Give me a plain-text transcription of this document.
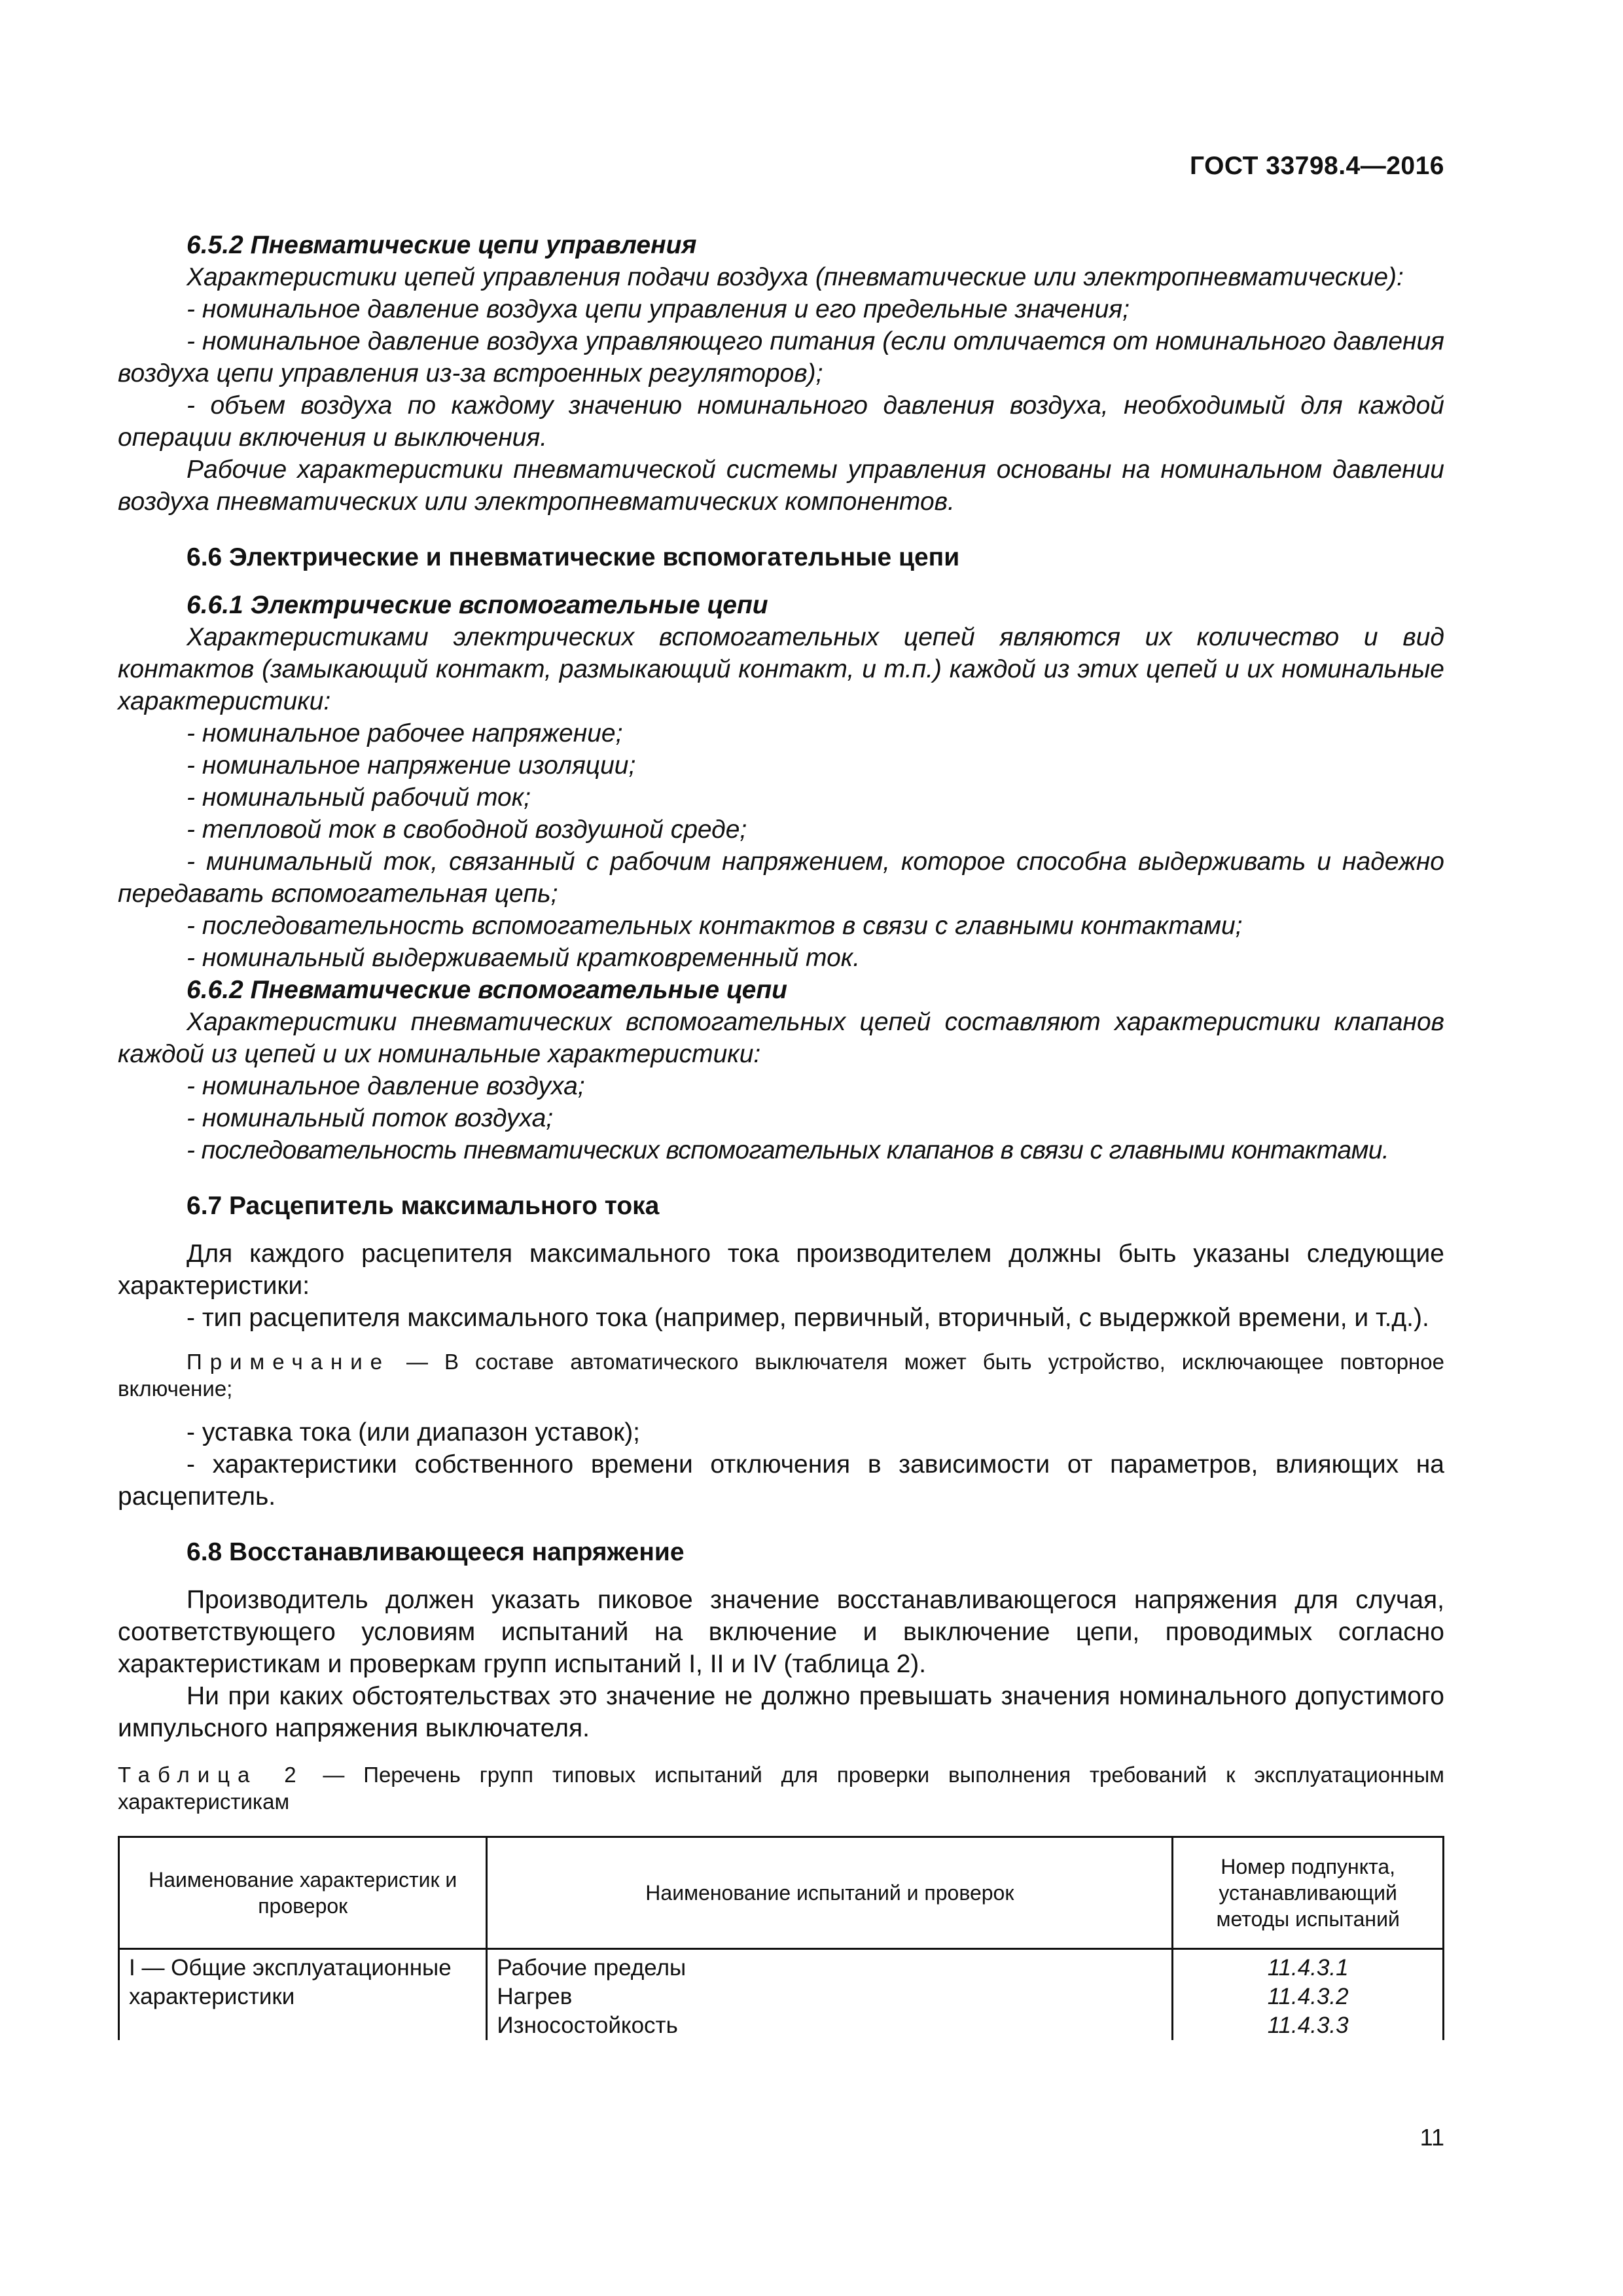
ГОСТ 33798.4—2016

6.5.2 Пневматические цепи управления

Характеристики цепей управления подачи воздуха (пневматические или электропневматические):

- номинальное давление воздуха цепи управления и его предельные значения;

- номинальное давление воздуха управляющего питания (если отличается от номинального давления воздуха цепи управления из-за встроенных регуляторов);

- объем воздуха по каждому значению номинального давления воздуха, необходимый для каждой операции включения и выключения.

Рабочие характеристики пневматической системы управления основаны на номинальном давлении воздуха пневматических или электропневматических компонентов.

6.6 Электрические и пневматические вспомогательные цепи

6.6.1 Электрические вспомогательные цепи

Характеристиками электрических вспомогательных цепей являются их количество и вид контактов (замыкающий контакт, размыкающий контакт, и т.п.) каждой из этих цепей и их номинальные характеристики:

- номинальное рабочее напряжение;

- номинальное напряжение изоляции;

- номинальный рабочий ток;

- тепловой ток в свободной воздушной среде;

- минимальный ток, связанный с рабочим напряжением, которое способна выдерживать и надежно передавать вспомогательная цепь;

- последовательность вспомогательных контактов в связи с главными контактами;

- номинальный выдерживаемый кратковременный ток.

6.6.2 Пневматические вспомогательные цепи

Характеристики пневматических вспомогательных цепей составляют характеристики клапанов каждой из цепей и их номинальные характеристики:

- номинальное давление воздуха;

- номинальный поток воздуха;

- последовательность пневматических вспомогательных клапанов в связи с главными контактами.

6.7 Расцепитель максимального тока

Для каждого расцепителя максимального тока производителем должны быть указаны следующие характеристики:

- тип расцепителя максимального тока (например, первичный, вторичный, с выдержкой времени, и т.д.).

Примечание — В составе автоматического выключателя может быть устройство, исключающее повторное включение;

- уставка тока (или диапазон уставок);

- характеристики собственного времени отключения в зависимости от параметров, влияющих на расцепитель.

6.8 Восстанавливающееся напряжение

Производитель должен указать пиковое значение восстанавливающегося напряжения для случая, соответствующего условиям испытаний на включение и выключение цепи, проводимых согласно характеристикам и проверкам групп испытаний I, II и IV (таблица 2).

Ни при каких обстоятельствах это значение не должно превышать значения номинального допустимого импульсного напряжения выключателя.

Таблица 2 — Перечень групп типовых испытаний для проверки выполнения требований к эксплуатационным характеристикам

Наименование характеристик и проверок	Наименование испытаний и проверок	Номер подпункта, устанавливающий методы испытаний
I — Общие эксплуатационные характеристики	Рабочие пределы
Нагрев
Износостойкость	11.4.3.1
11.4.3.2
11.4.3.3
11
